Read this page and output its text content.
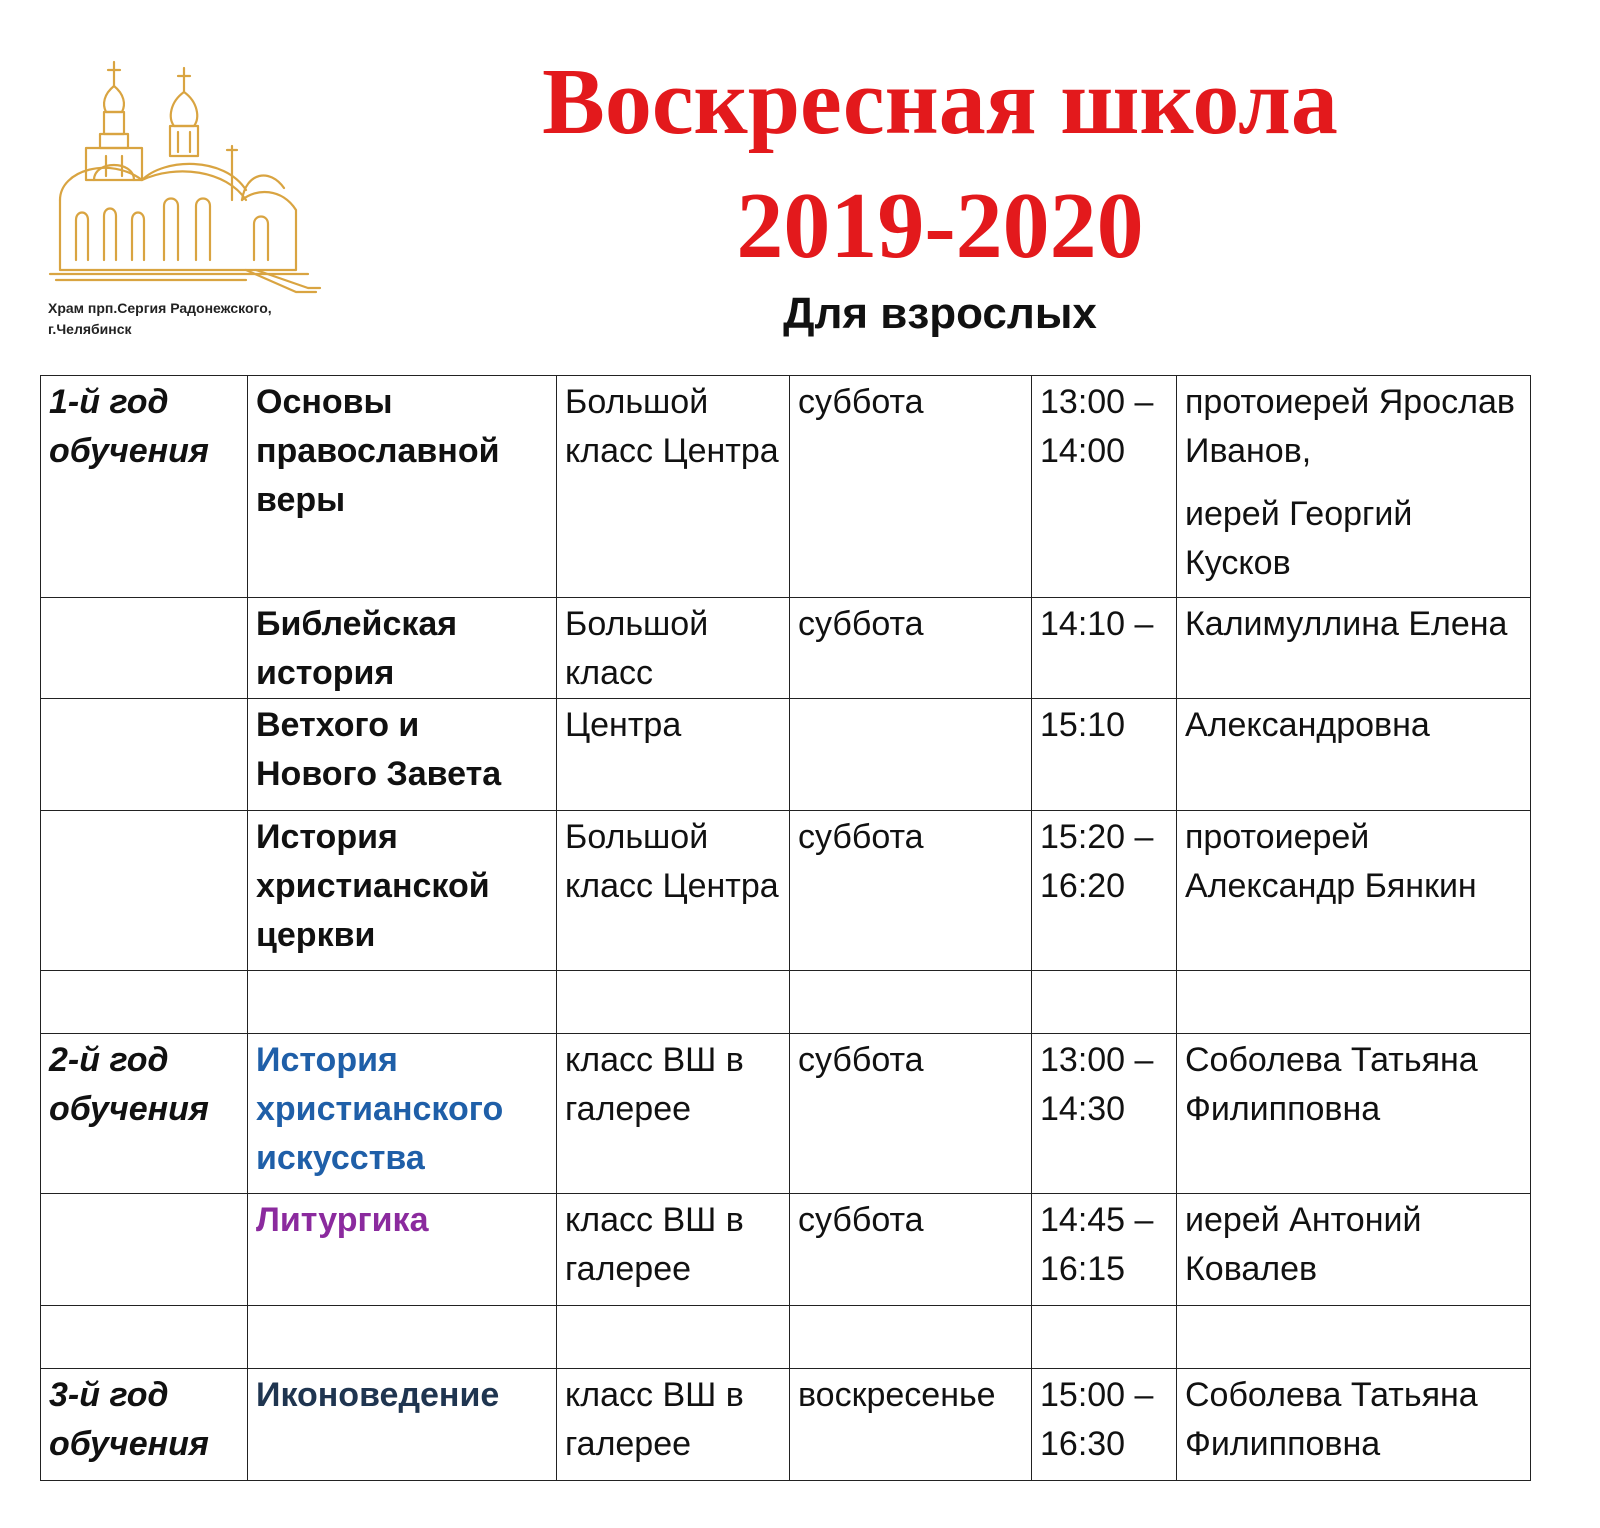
Храм прп.Сергия Радонежского,
г.Челябинск
Воскресная школа
2019-2020
Для взрослых
1-й год обучения	Основы православной веры	Большой класс Центра	суббота	13:00 – 14:00	протоиерей Ярослав Иванов,
иерей Георгий Кусков

	Библейская история	Большой класс	суббота	14:10 –	Калимуллина Елена
	Ветхого и Нового Завета	Центра		15:10	Александровна
	История христианской церкви	Большой класс Центра	суббота	15:20 – 16:20	протоиерей Александр Бянкин

2-й год обучения	История христианского искусства	класс ВШ в галерее	суббота	13:00 – 14:30	Соболева Татьяна Филипповна
	Литургика	класс ВШ в галерее	суббота	14:45 – 16:15	иерей Антоний Ковалев

3-й год обучения	Иконоведение	класс ВШ в галерее	воскресенье	15:00 – 16:30	Соболева Татьяна Филипповна
